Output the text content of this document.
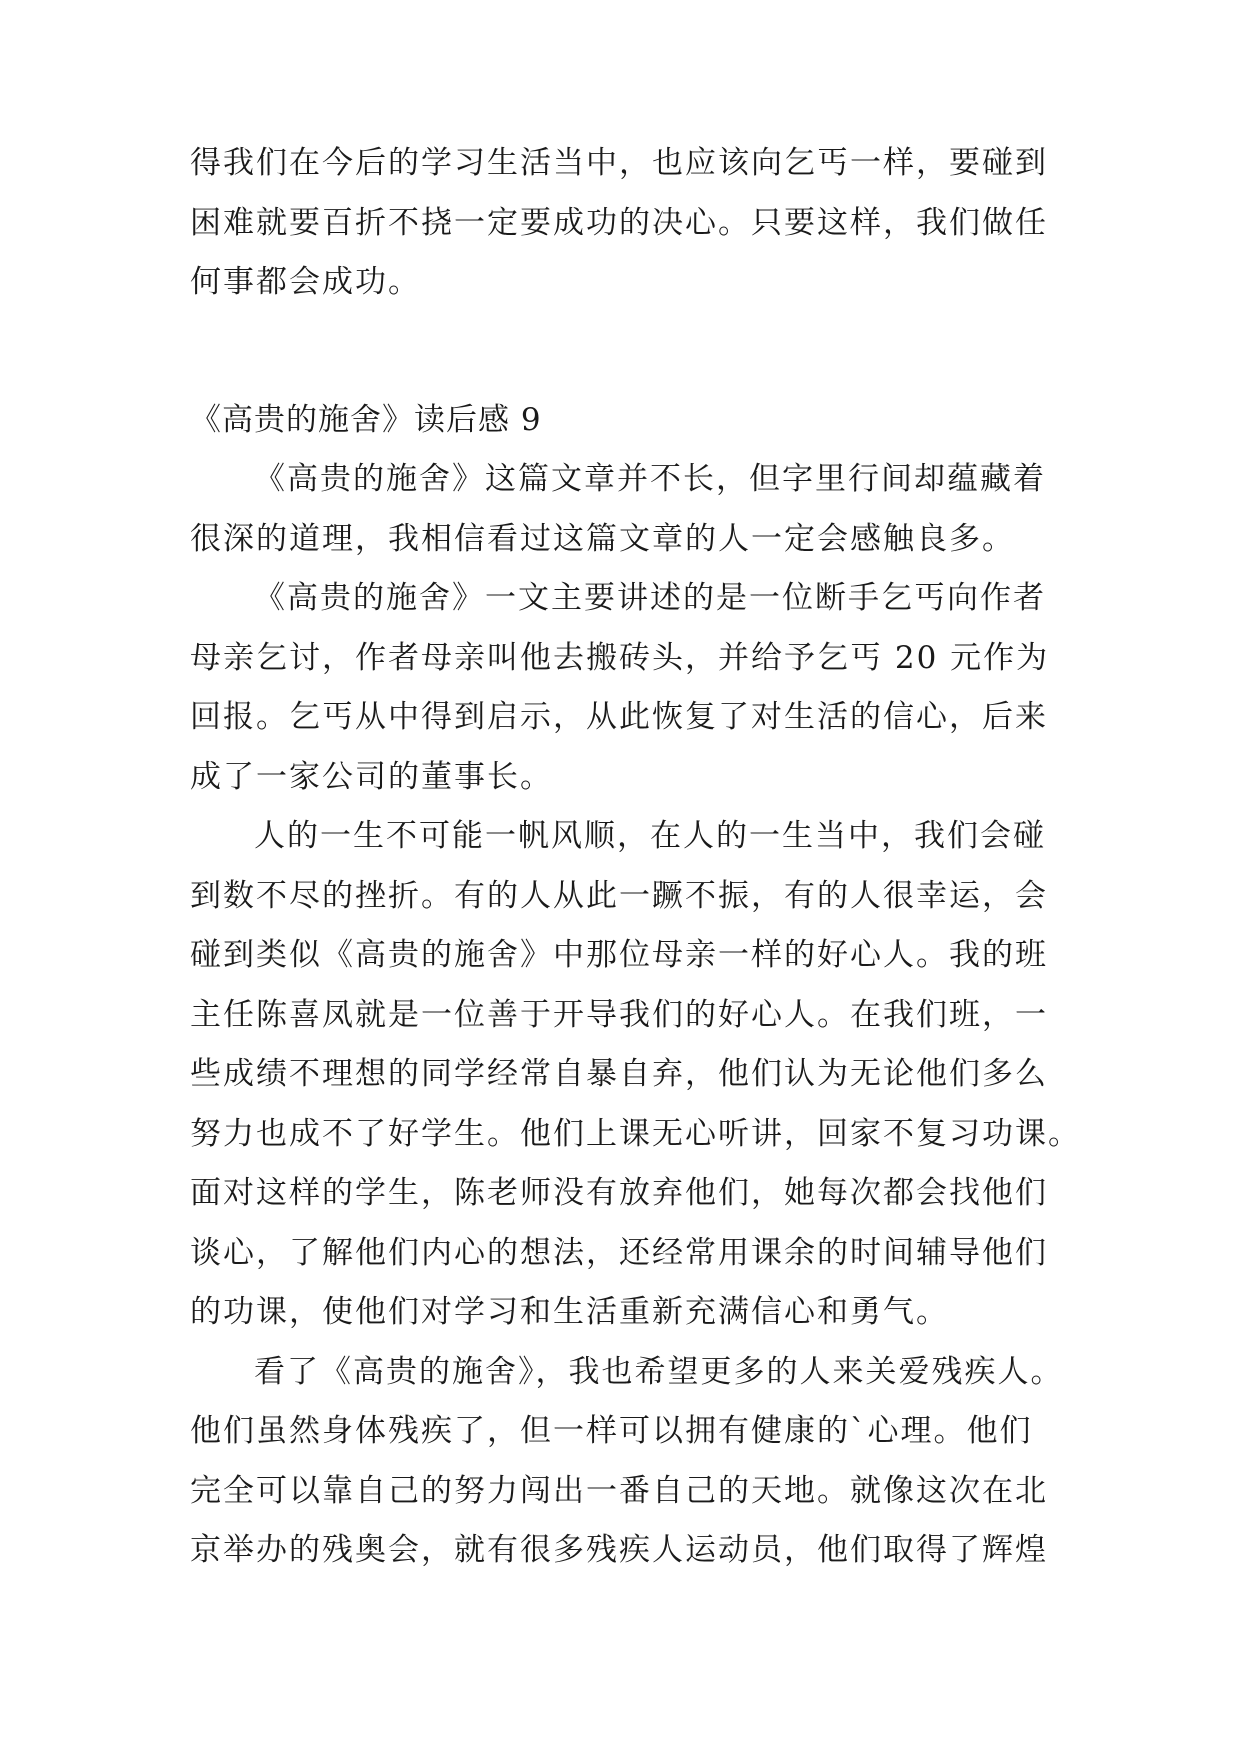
得我们在今后的学习生活当中，也应该向乞丐一样，要碰到
困难就要百折不挠一定要成功的决心。只要这样，我们做任
何事都会成功。
《高贵的施舍》读后感 9
《高贵的施舍》这篇文章并不长，但字里行间却蕴藏着
很深的道理，我相信看过这篇文章的人一定会感触良多。
《高贵的施舍》一文主要讲述的是一位断手乞丐向作者
母亲乞讨，作者母亲叫他去搬砖头，并给予乞丐 20 元作为
回报。乞丐从中得到启示，从此恢复了对生活的信心，后来
成了一家公司的董事长。
人的一生不可能一帆风顺，在人的一生当中，我们会碰
到数不尽的挫折。有的人从此一蹶不振，有的人很幸运，会
碰到类似《高贵的施舍》中那位母亲一样的好心人。我的班
主任陈喜凤就是一位善于开导我们的好心人。在我们班，一
些成绩不理想的同学经常自暴自弃，他们认为无论他们多么
努力也成不了好学生。他们上课无心听讲，回家不复习功课。
面对这样的学生，陈老师没有放弃他们，她每次都会找他们
谈心，了解他们内心的想法，还经常用课余的时间辅导他们
的功课，使他们对学习和生活重新充满信心和勇气。
看了《高贵的施舍》，我也希望更多的人来关爱残疾人。
他们虽然身体残疾了，但一样可以拥有健康的`心理。他们
完全可以靠自己的努力闯出一番自己的天地。就像这次在北
京举办的残奥会，就有很多残疾人运动员，他们取得了辉煌
